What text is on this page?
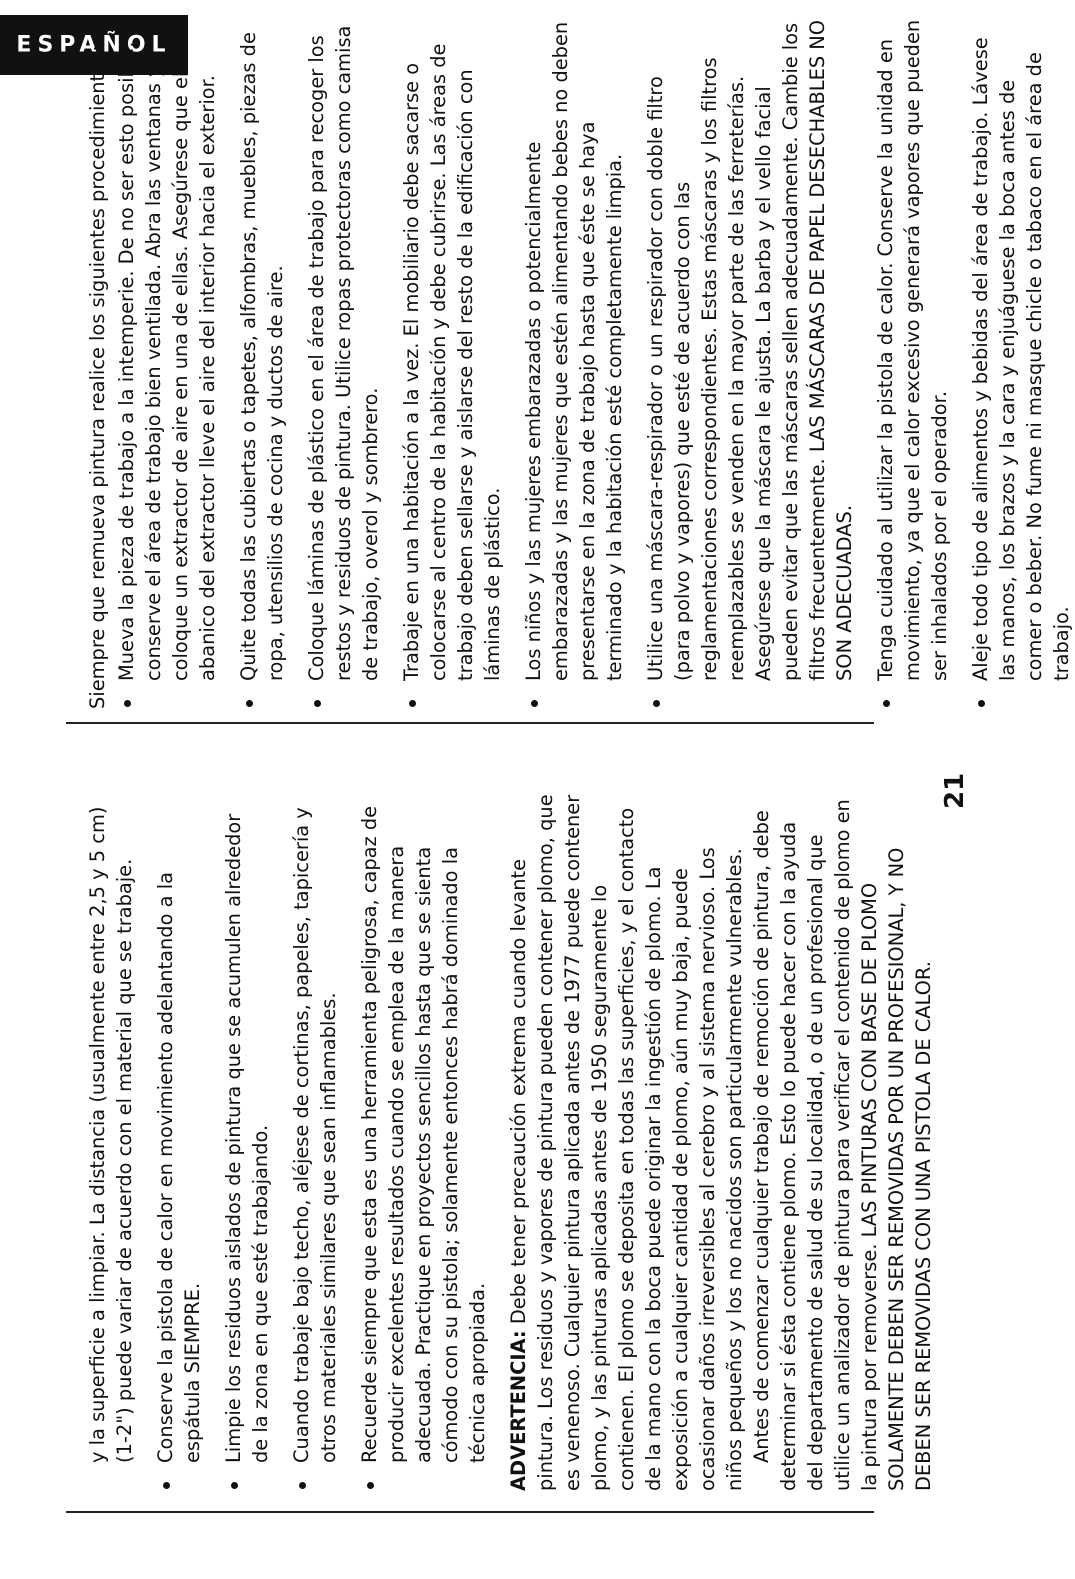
ESPAÑOL

y la superficie a limpiar. La distancia (usualmente entre 2,5 y 5 cm) (1-2") puede variar de acuerdo con el material que se trabaje. Conserve la pistola de calor en movimiento adelantando a la espátula SIEMPRE. Limpie los residuos aislados de pintura que se acumulen alrededor de la zona en que esté trabajando. Cuando trabaje bajo techo, aléjese de cortinas, papeles, tapicería y otros materiales similares que sean inflamables. Recuerde siempre que esta es una herramienta peligrosa, capaz de producir excelentes resultados cuando se emplea de la manera adecuada. Practique en proyectos sencillos hasta que se sienta cómodo con su pistola; solamente entonces habrá dominado la técnica apropiada. ADVERTENCIA: Debe tener precaución extrema cuando levante pintura. Los residuos y vapores de pintura pueden contener plomo, que es venenoso. Cualquier pintura aplicada antes de 1977 puede contener plomo, y las pinturas aplicadas antes de 1950 seguramente lo contienen. El plomo se deposita en todas las superficies, y el contacto de la mano con la boca puede originar la ingestión de plomo. La exposición a cualquier cantidad de plomo, aún muy baja, puede ocasionar daños irreversibles al cerebro y al sistema nervioso. Los niños pequeños y los no nacidos son particularmente vulnerables. Antes de comenzar cualquier trabajo de remoción de pintura, debe determinar si ésta contiene plomo. Esto lo puede hacer con la ayuda del departamento de salud de su localidad, o de un profesional que utilice un analizador de pintura para verificar el contenido de plomo en la pintura por removerse. LAS PINTURAS CON BASE DE PLOMO SOLAMENTE DEBEN SER REMOVIDAS POR UN PROFESIONAL, Y NO DEBEN SER REMOVIDAS CON UNA PISTOLA DE CALOR.

Siempre que remueva pintura realice los siguientes procedimientos: Mueva la pieza de trabajo a la intemperie. De no ser esto posible, conserve el área de trabajo bien ventilada. Abra las ventanas y coloque un extractor de aire en una de ellas. Asegúrese que el abanico del extractor lleve el aire del interior hacia el exterior. Quite todas las cubiertas o tapetes, alfombras, muebles, piezas de ropa, utensilios de cocina y ductos de aire. Coloque láminas de plástico en el área de trabajo para recoger los restos y residuos de pintura. Utilice ropas protectoras como camisa de trabajo, overol y sombrero. Trabaje en una habitación a la vez. El mobiliario debe sacarse o colocarse al centro de la habitación y debe cubrirse. Las áreas de trabajo deben sellarse y aislarse del resto de la edificación con láminas de plástico. Los niños y las mujeres embarazadas o potencialmente embarazadas y las mujeres que estén alimentando bebes no deben presentarse en la zona de trabajo hasta que éste se haya terminado y la habitación esté completamente limpia. Utilice una máscara-respirador o un respirador con doble filtro (para polvo y vapores) que esté de acuerdo con las reglamentaciones correspondientes. Estas máscaras y los filtros reemplazables se venden en la mayor parte de las ferreterías. Asegúrese que la máscara le ajusta. La barba y el vello facial pueden evitar que las máscaras sellen adecuadamente. Cambie los filtros frecuentemente. LAS MÁSCARAS DE PAPEL DESECHABLES NO SON ADECUADAS. Tenga cuidado al utilizar la pistola de calor. Conserve la unidad en movimiento, ya que el calor excesivo generará vapores que pueden ser inhalados por el operador. Aleje todo tipo de alimentos y bebidas del área de trabajo. Lávese las manos, los brazos y la cara y enjuáguese la boca antes de comer o beber. No fume ni masque chicle o tabaco en el área de trabajo.
21
